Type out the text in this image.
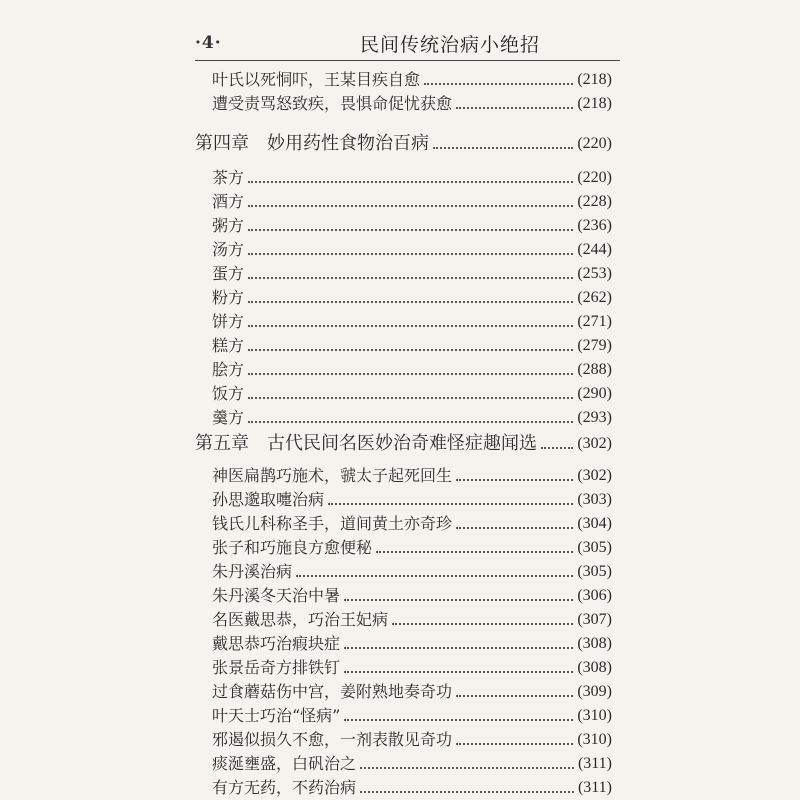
·4·	民间传统治病小绝招
叶氏以死恫吓，王某目疾自愈	(218)
遭受责骂怒致疾，畏惧命促忧获愈	(218)
第四章　妙用药性食物治百病	(220)
茶方	(220)
酒方	(228)
粥方	(236)
汤方	(244)
蛋方	(253)
粉方	(262)
饼方	(271)
糕方	(279)
脍方	(288)
饭方	(290)
羹方	(293)
第五章　古代民间名医妙治奇难怪症趣闻选	(302)
神医扁鹊巧施术，虢太子起死回生	(302)
孙思邈取嚏治病	(303)
钱氏儿科称圣手，道间黄土亦奇珍	(304)
张子和巧施良方愈便秘	(305)
朱丹溪治病	(305)
朱丹溪冬天治中暑	(306)
名医戴思恭，巧治王妃病	(307)
戴思恭巧治瘕块症	(308)
张景岳奇方排铁钉	(308)
过食蘑菇伤中宫，姜附熟地奏奇功	(309)
叶天士巧治“怪病”	(310)
邪遏似损久不愈，一剂表散见奇功	(310)
痰涎壅盛，白矾治之	(311)
有方无药，不药治病	(311)
